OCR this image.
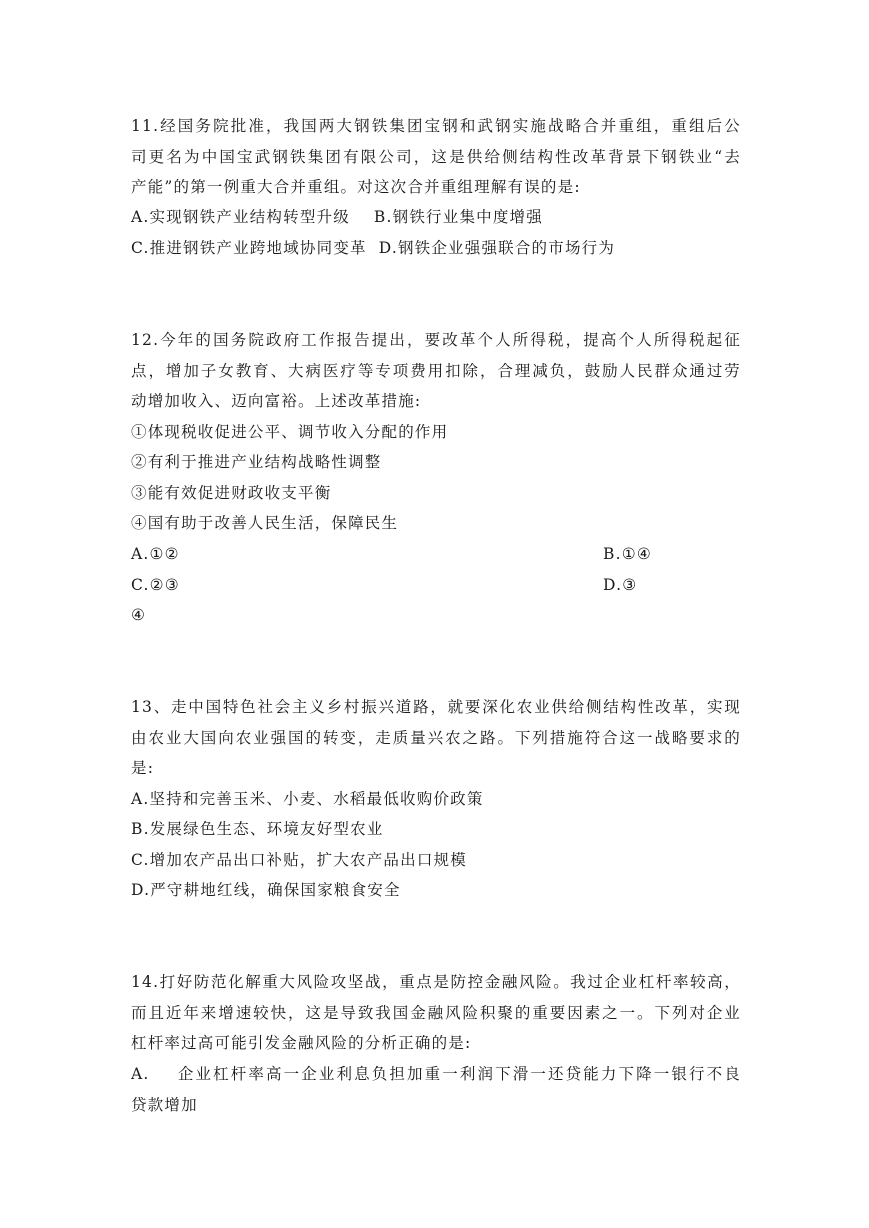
11.经国务院批准，我国两大钢铁集团宝钢和武钢实施战略合并重组，重组后公
司更名为中国宝武钢铁集团有限公司，这是供给侧结构性改革背景下钢铁业“去
产能”的第一例重大合并重组。对这次合并重组理解有误的是:
A.实现钢铁产业结构转型升级 B.钢铁行业集中度增强
C.推进钢铁产业跨地域协同变革 D.钢铁企业强强联合的市场行为
12.今年的国务院政府工作报告提出，要改革个人所得税，提高个人所得税起征
点，增加子女教育、大病医疗等专项费用扣除，合理减负，鼓励人民群众通过劳
动增加收入、迈向富裕。上述改革措施:
①体现税收促进公平、调节收入分配的作用
②有利于推进产业结构战略性调整
③能有效促进财政收支平衡
④国有助于改善人民生活，保障民生
A.①②	B.①④
C.②③	D.③
④
13、走中国特色社会主义乡村振兴道路，就要深化农业供给侧结构性改革，实现
由农业大国向农业强国的转变，走质量兴农之路。下列措施符合这一战略要求的
是:
A.坚持和完善玉米、小麦、水稻最低收购价政策
B.发展绿色生态、环境友好型农业
C.增加农产品出口补贴，扩大农产品出口规模
D.严守耕地红线，确保国家粮食安全
14.打好防范化解重大风险攻坚战，重点是防控金融风险。我过企业杠杆率较高，
而且近年来增速较快，这是导致我国金融风险积聚的重要因素之一。下列对企业
杠杆率过高可能引发金融风险的分析正确的是:
A. 企业杠杆率高一企业利息负担加重一利润下滑一还贷能力下降一银行不良
贷款增加
